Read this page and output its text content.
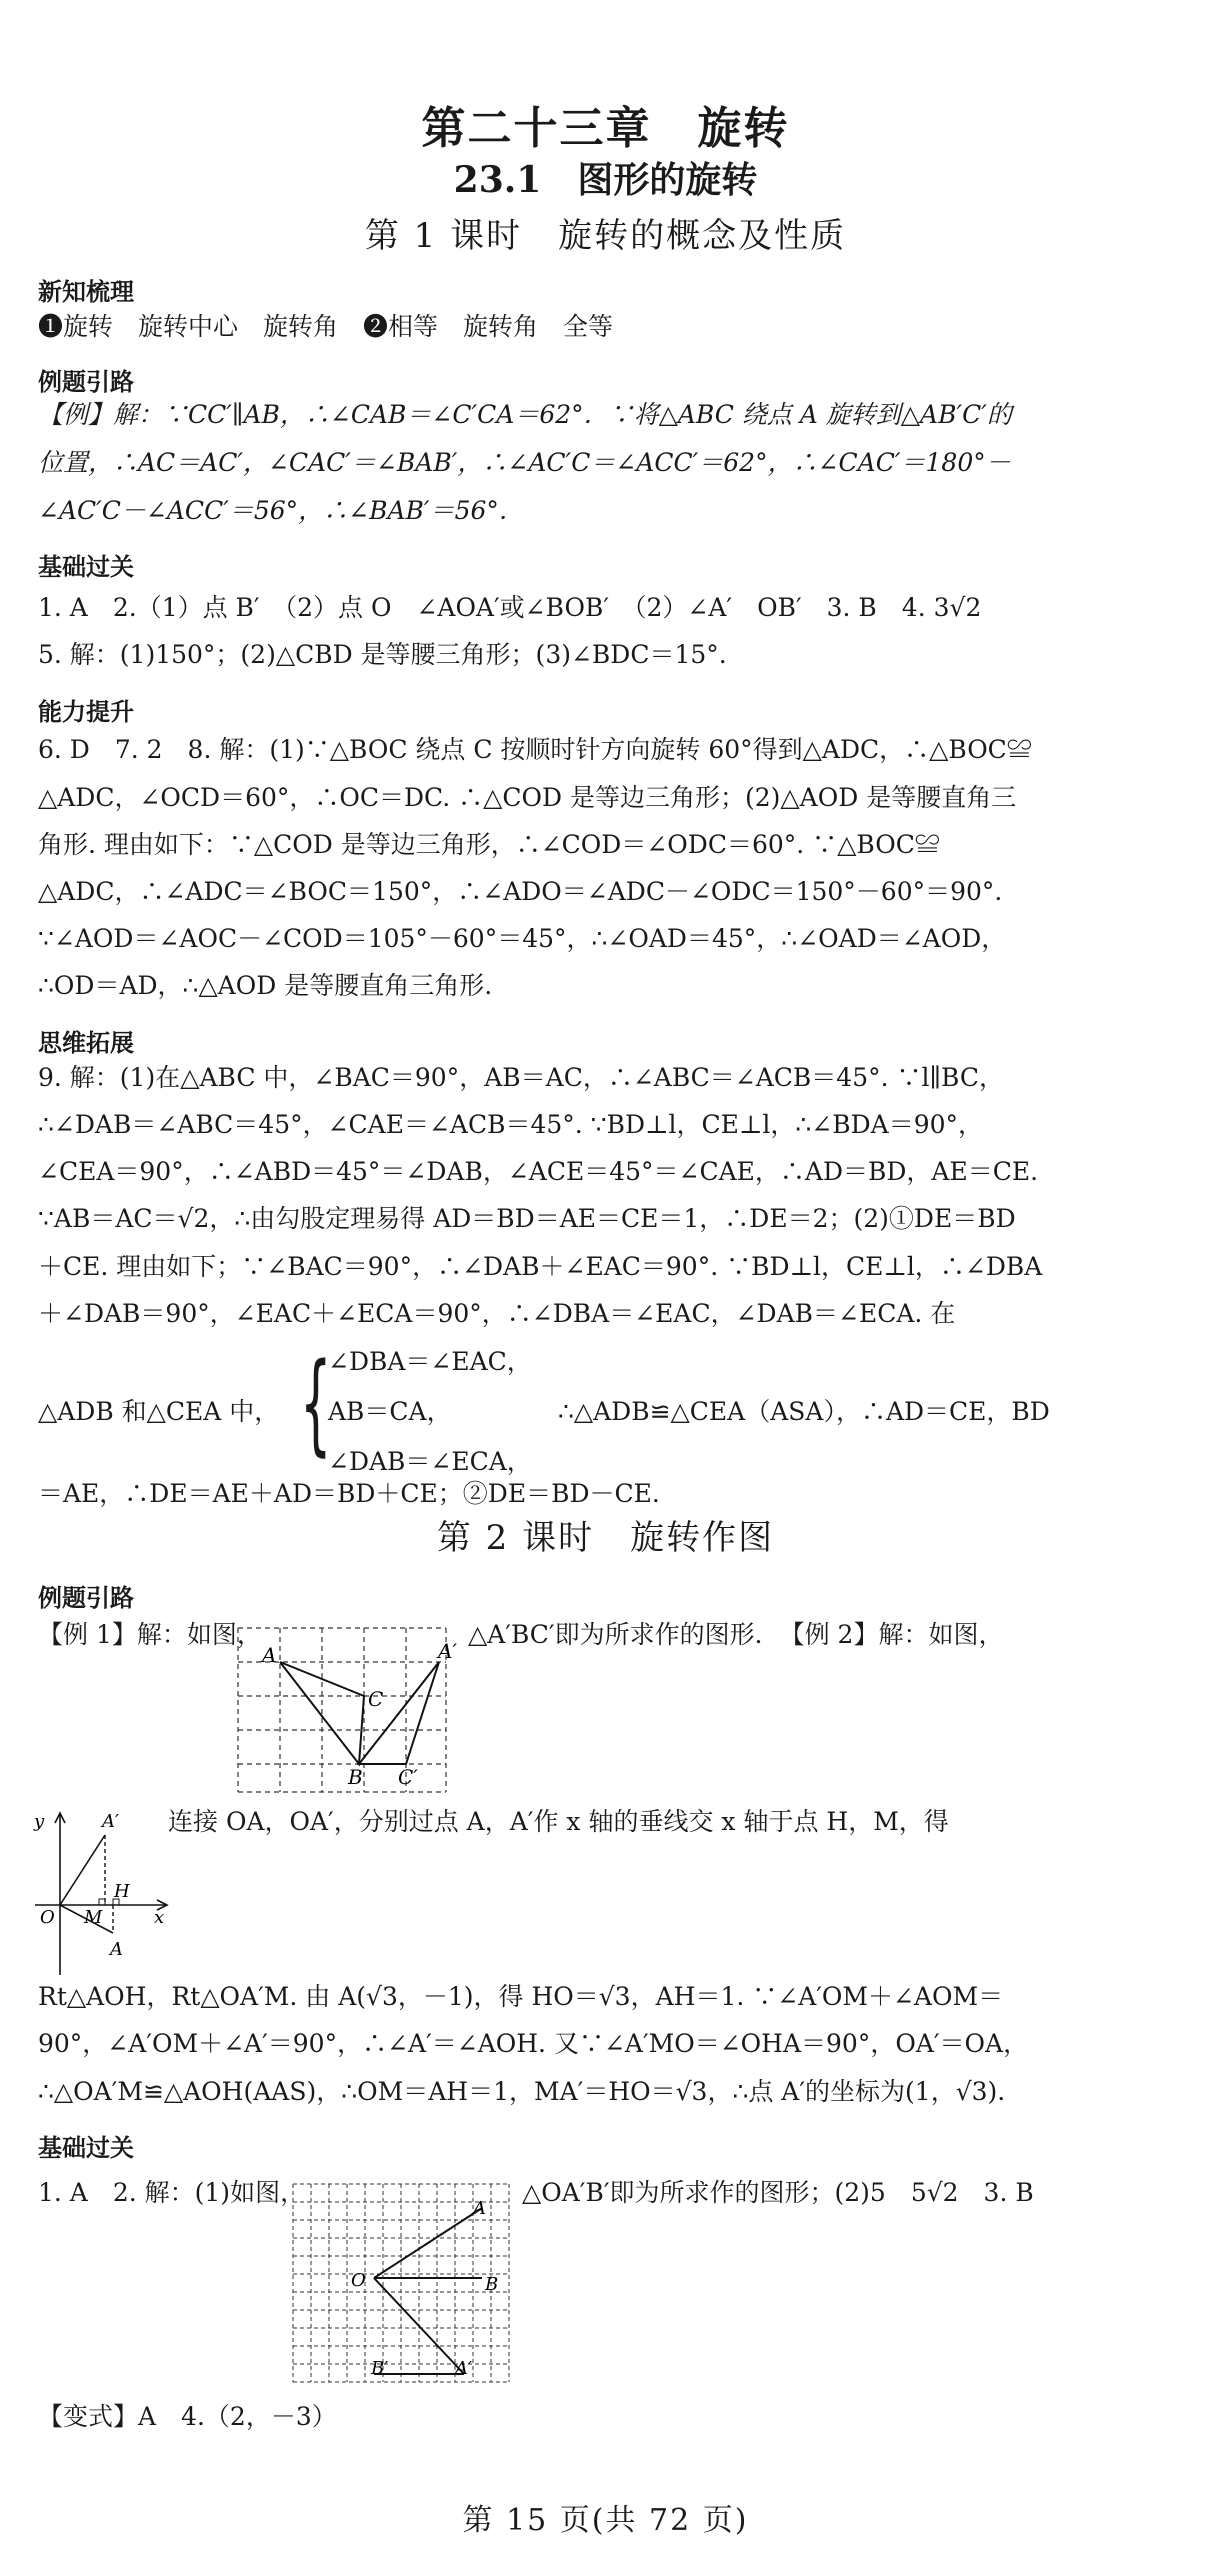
第二十三章　旋转
23.1　图形的旋转
第 1 课时　旋转的概念及性质
新知梳理
❶旋转　旋转中心　旋转角　❷相等　旋转角　全等
例题引路
【例】解：∵CC′∥AB，∴∠CAB＝∠C′CA＝62°．∵将△ABC 绕点 A 旋转到△AB′C′的
位置，∴AC＝AC′，∠CAC′＝∠BAB′，∴∠AC′C＝∠ACC′＝62°，∴∠CAC′＝180°－
∠AC′C－∠ACC′＝56°，∴∠BAB′＝56°．
基础过关
1. A　2.（1）点 B′　（2）点 O　∠AOA′或∠BOB′　（2）∠A′　OB′　3. B　4. 3√2
5. 解：(1)150°；(2)△CBD 是等腰三角形；(3)∠BDC＝15°.
能力提升
6. D　7. 2　8. 解：(1)∵△BOC 绕点 C 按顺时针方向旋转 60°得到△ADC，∴△BOC≌
△ADC，∠OCD＝60°，∴OC＝DC. ∴△COD 是等边三角形；(2)△AOD 是等腰直角三
角形. 理由如下：∵△COD 是等边三角形，∴∠COD＝∠ODC＝60°. ∵△BOC≌
△ADC，∴∠ADC＝∠BOC＝150°，∴∠ADO＝∠ADC－∠ODC＝150°－60°＝90°.
∵∠AOD＝∠AOC－∠COD＝105°－60°＝45°，∴∠OAD＝45°，∴∠OAD＝∠AOD，
∴OD＝AD，∴△AOD 是等腰直角三角形.
思维拓展
9. 解：(1)在△ABC 中，∠BAC＝90°，AB＝AC，∴∠ABC＝∠ACB＝45°. ∵l∥BC，
∴∠DAB＝∠ABC＝45°，∠CAE＝∠ACB＝45°. ∵BD⊥l，CE⊥l，∴∠BDA＝90°，
∠CEA＝90°，∴∠ABD＝45°＝∠DAB，∠ACE＝45°＝∠CAE，∴AD＝BD，AE＝CE.
∵AB＝AC＝√2，∴由勾股定理易得 AD＝BD＝AE＝CE＝1，∴DE＝2；(2)①DE＝BD
＋CE. 理由如下；∵∠BAC＝90°，∴∠DAB＋∠EAC＝90°. ∵BD⊥l，CE⊥l，∴∠DBA
＋∠DAB＝90°，∠EAC＋∠ECA＝90°，∴∠DBA＝∠EAC，∠DAB＝∠ECA. 在
△ADB 和△CEA 中， {
∠DBA＝∠EAC，
AB＝CA，
∠DAB＝∠ECA，
∴△ADB≌△CEA（ASA），∴AD＝CE，BD
＝AE，∴DE＝AE＋AD＝BD＋CE；②DE＝BD－CE.
第 2 课时　旋转作图
例题引路
【例 1】解：如图，
A	A′
C
B C′
△A′BC′即为所求作的图形．　【例 2】解：如图，
y	A′
O M
H
x
A
连接 OA，OA′，分别过点 A，A′作 x 轴的垂线交 x 轴于点 H，M，得
Rt△AOH，Rt△OA′M. 由 A(√3，－1)，得 HO＝√3，AH＝1. ∵∠A′OM＋∠AOM＝
90°，∠A′OM＋∠A′＝90°，∴∠A′＝∠AOH. 又∵∠A′MO＝∠OHA＝90°，OA′＝OA，
∴△OA′M≌△AOH(AAS)，∴OM＝AH＝1，MA′＝HO＝√3，∴点 A′的坐标为(1，√3).
基础过关
1. A　2. 解：(1)如图，
A
O	B
B′	A′
△OA′B′即为所求作的图形；(2)5　5√2　3. B
【变式】A　4.（2，－3）
第 15 页(共 72 页)
